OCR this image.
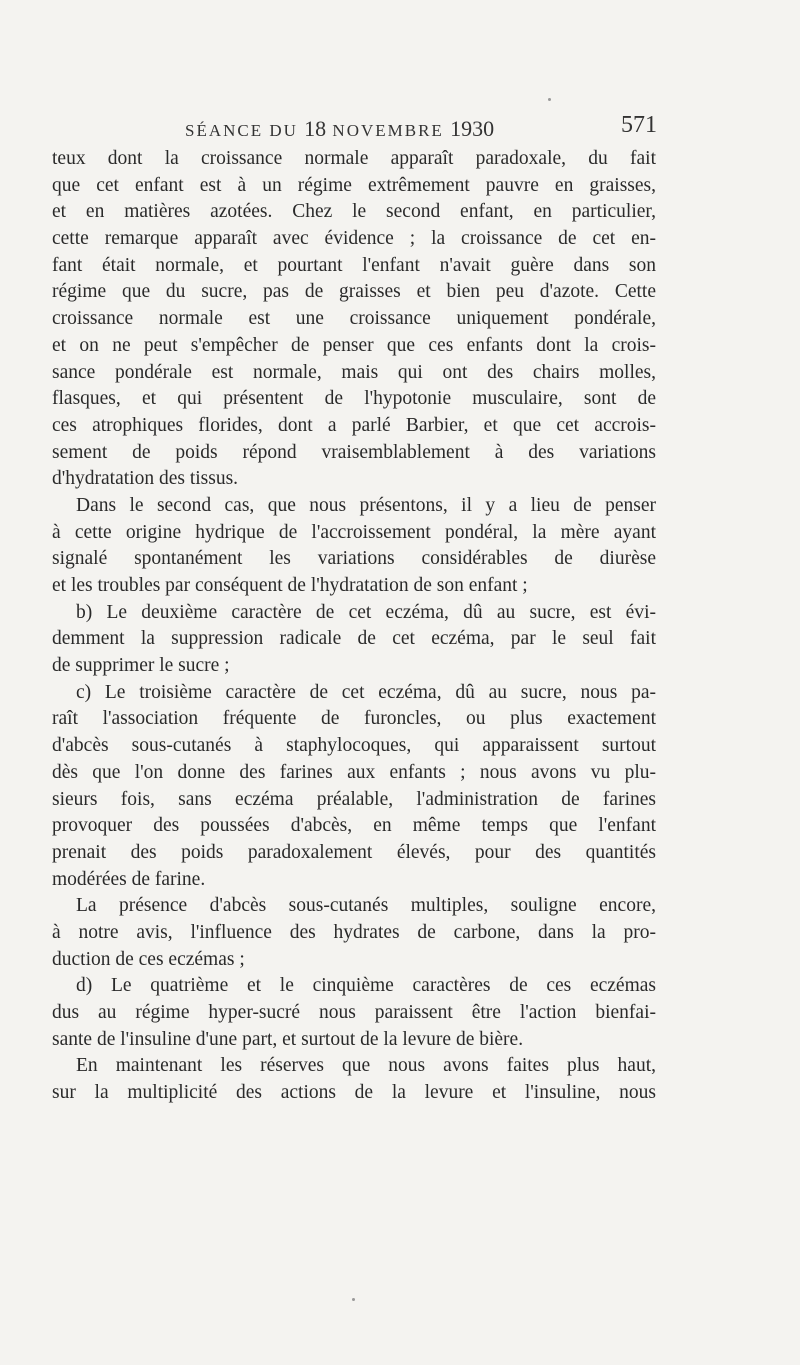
SÉANCE DU 18 NOVEMBRE 1930	571
teux dont la croissance normale apparaît paradoxale, du fait
que cet enfant est à un régime extrêmement pauvre en graisses,
et en matières azotées. Chez le second enfant, en particulier,
cette remarque apparaît avec évidence ; la croissance de cet en-
fant était normale, et pourtant l'enfant n'avait guère dans son
régime que du sucre, pas de graisses et bien peu d'azote. Cette
croissance normale est une croissance uniquement pondérale,
et on ne peut s'empêcher de penser que ces enfants dont la crois-
sance pondérale est normale, mais qui ont des chairs molles,
flasques, et qui présentent de l'hypotonie musculaire, sont de
ces atrophiques florides, dont a parlé Barbier, et que cet accrois-
sement de poids répond vraisemblablement à des variations
d'hydratation des tissus.
Dans le second cas, que nous présentons, il y a lieu de penser
à cette origine hydrique de l'accroissement pondéral, la mère ayant
signalé spontanément les variations considérables de diurèse
et les troubles par conséquent de l'hydratation de son enfant ;
b) Le deuxième caractère de cet eczéma, dû au sucre, est évi-
demment la suppression radicale de cet eczéma, par le seul fait
de supprimer le sucre ;
c) Le troisième caractère de cet eczéma, dû au sucre, nous pa-
raît l'association fréquente de furoncles, ou plus exactement
d'abcès sous-cutanés à staphylocoques, qui apparaissent surtout
dès que l'on donne des farines aux enfants ; nous avons vu plu-
sieurs fois, sans eczéma préalable, l'administration de farines
provoquer des poussées d'abcès, en même temps que l'enfant
prenait des poids paradoxalement élevés, pour des quantités
modérées de farine.
La présence d'abcès sous-cutanés multiples, souligne encore,
à notre avis, l'influence des hydrates de carbone, dans la pro-
duction de ces eczémas ;
d) Le quatrième et le cinquième caractères de ces eczémas
dus au régime hyper-sucré nous paraissent être l'action bienfai-
sante de l'insuline d'une part, et surtout de la levure de bière.
En maintenant les réserves que nous avons faites plus haut,
sur la multiplicité des actions de la levure et l'insuline, nous
